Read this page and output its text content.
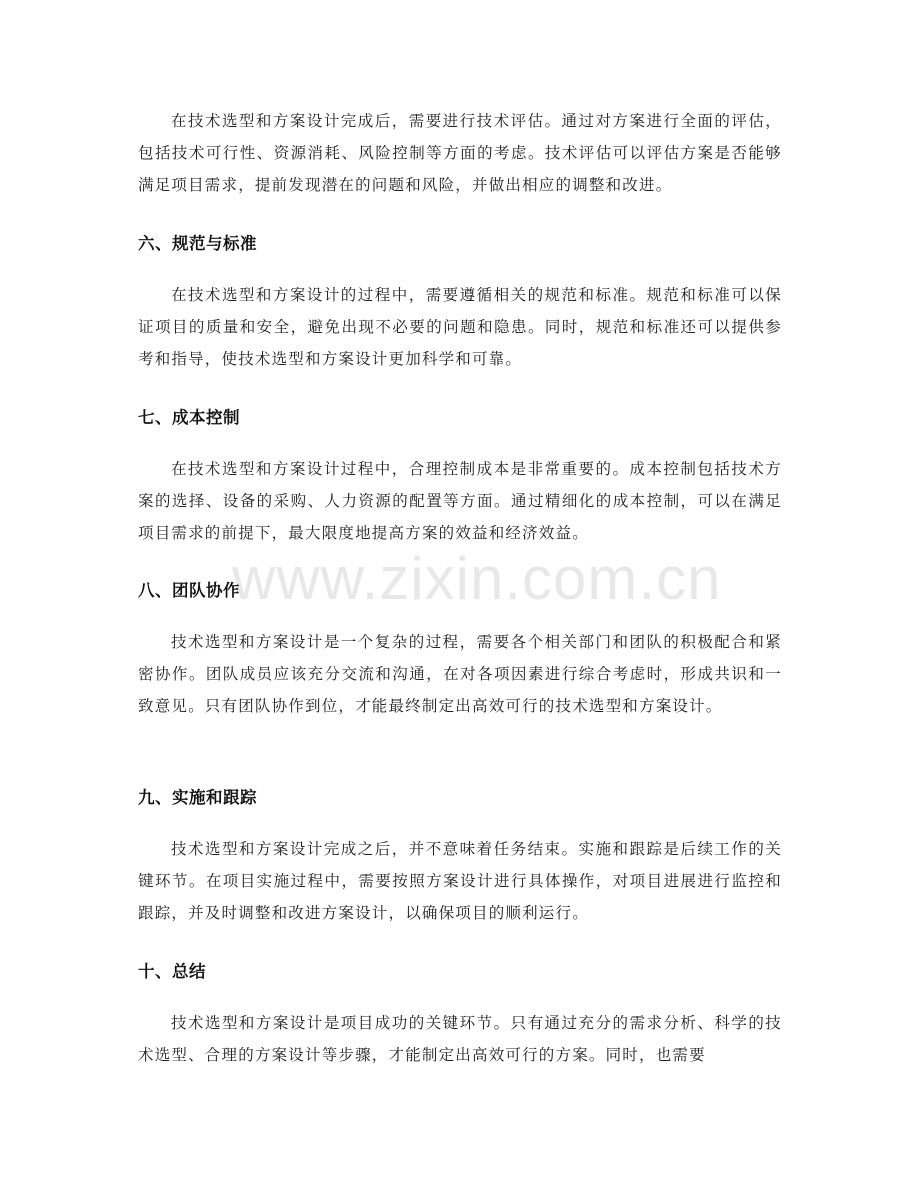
在技术选型和方案设计完成后，需要进行技术评估。通过对方案进行全面的评估，包括技术可行性、资源消耗、风险控制等方面的考虑。技术评估可以评估方案是否能够满足项目需求，提前发现潜在的问题和风险，并做出相应的调整和改进。

六、规范与标准

在技术选型和方案设计的过程中，需要遵循相关的规范和标准。规范和标准可以保证项目的质量和安全，避免出现不必要的问题和隐患。同时，规范和标准还可以提供参考和指导，使技术选型和方案设计更加科学和可靠。

七、成本控制

在技术选型和方案设计过程中，合理控制成本是非常重要的。成本控制包括技术方案的选择、设备的采购、人力资源的配置等方面。通过精细化的成本控制，可以在满足项目需求的前提下，最大限度地提高方案的效益和经济效益。

八、团队协作

技术选型和方案设计是一个复杂的过程，需要各个相关部门和团队的积极配合和紧密协作。团队成员应该充分交流和沟通，在对各项因素进行综合考虑时，形成共识和一致意见。只有团队协作到位，才能最终制定出高效可行的技术选型和方案设计。

九、实施和跟踪

技术选型和方案设计完成之后，并不意味着任务结束。实施和跟踪是后续工作的关键环节。在项目实施过程中，需要按照方案设计进行具体操作，对项目进展进行监控和跟踪，并及时调整和改进方案设计，以确保项目的顺利运行。

十、总结

技术选型和方案设计是项目成功的关键环节。只有通过充分的需求分析、科学的技术选型、合理的方案设计等步骤，才能制定出高效可行的方案。同时，也需要

www.zixin.com.cn
